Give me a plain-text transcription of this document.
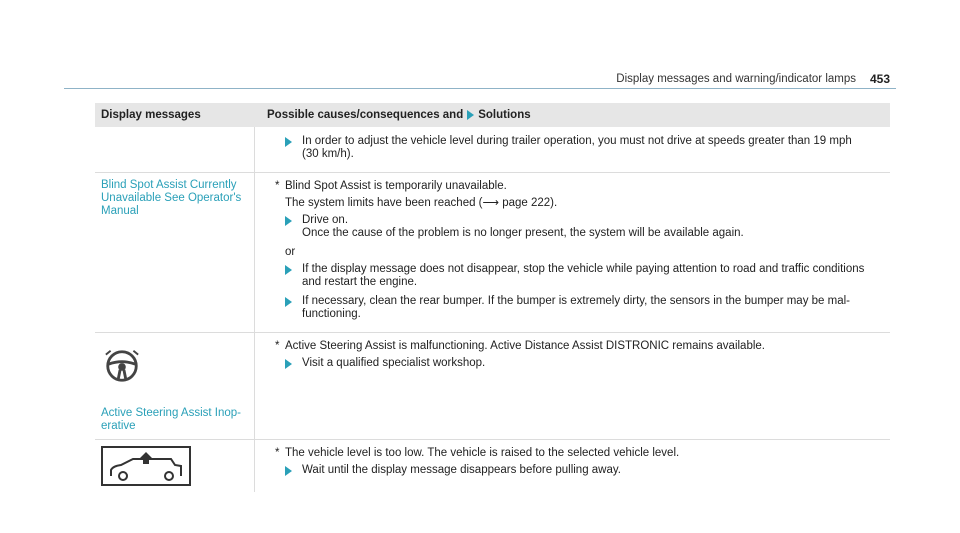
Display messages and warning/indicator lamps 453
Display messages	Possible causes/consequences and Solutions
In order to adjust the vehicle level during trailer operation, you must not drive at speeds greater than 19 mph
(30 km/h).
Blind Spot Assist Currently Unavailable See Operator's Manual
* Blind Spot Assist is temporarily unavailable.
The system limits have been reached (⟶ page 222).
Drive on.
Once the cause of the problem is no longer present, the system will be available again.
or
If the display message does not disappear, stop the vehicle while paying attention to road and traffic conditions
and restart the engine.
If necessary, clean the rear bumper. If the bumper is extremely dirty, the sensors in the bumper may be mal-
functioning.
Active Steering Assist Inop-erative
* Active Steering Assist is malfunctioning. Active Distance Assist DISTRONIC remains available.
Visit a qualified specialist workshop.
* The vehicle level is too low. The vehicle is raised to the selected vehicle level.
Wait until the display message disappears before pulling away.
